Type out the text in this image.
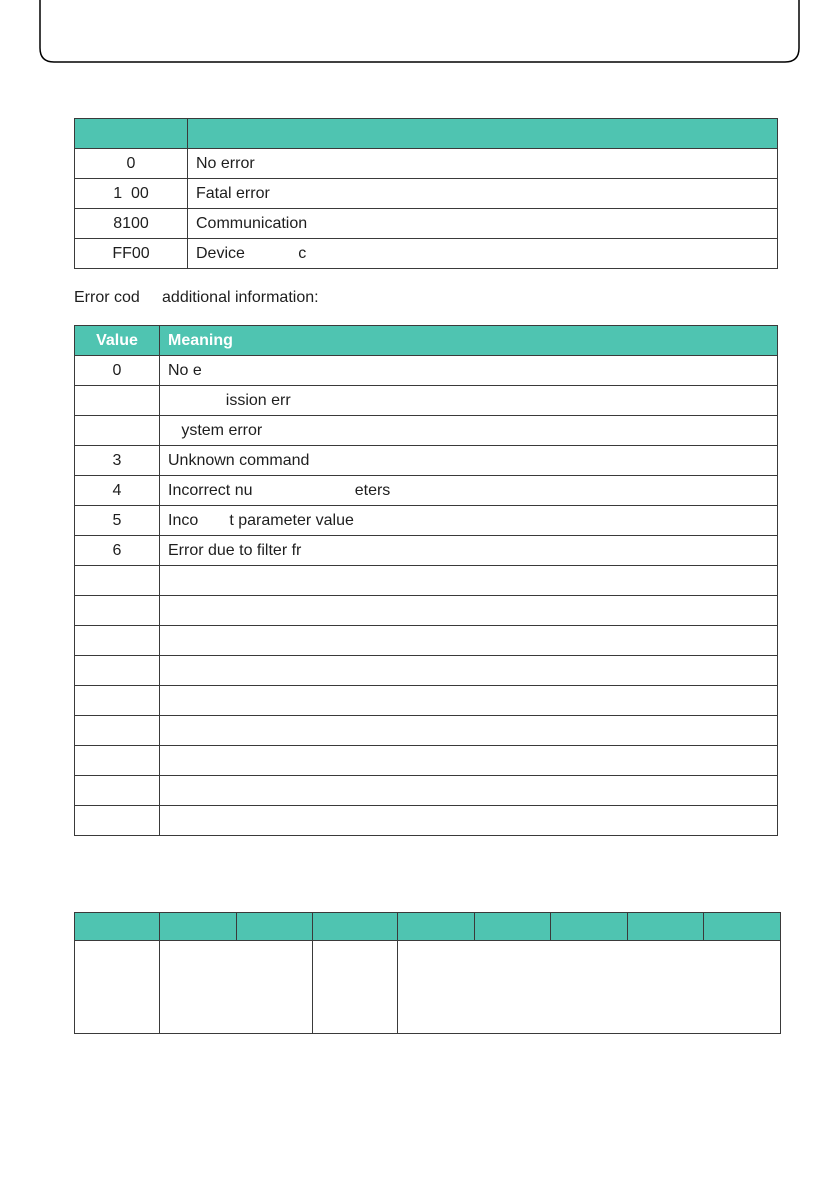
0	No error
1  00	Fatal error
8100	Communication
FF00	Device            c
Error cod     additional information:
Value	Meaning
0	No e
	ission err
	ystem error
3	Unknown command
4	Incorrect nu                       eters
5	Inco       t parameter value
6	Error due to filter fr
